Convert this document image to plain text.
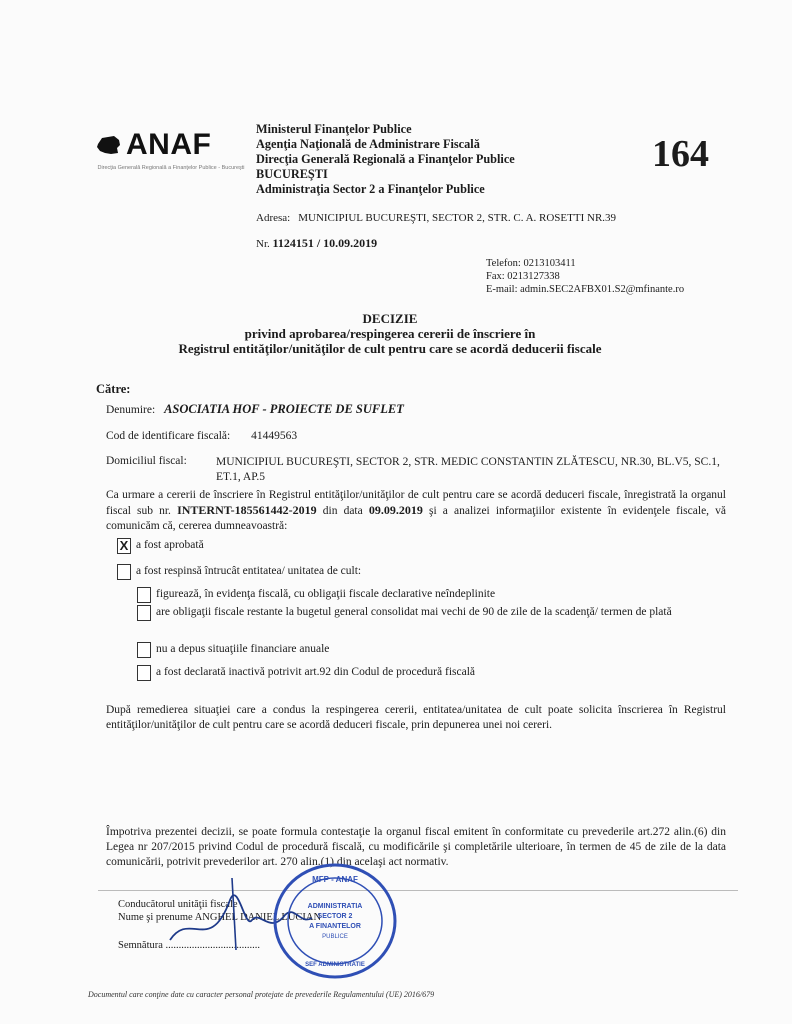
ANAF
Direcţia Generală Regională a Finanţelor Publice - Bucureşti
Ministerul Finanţelor Publice
Agenţia Naţională de Administrare Fiscală
Direcţia Generală Regională a Finanţelor Publice
BUCUREŞTI
Administraţia Sector 2 a Finanţelor Publice
164
Adresa: MUNICIPIUL BUCUREŞTI, SECTOR 2, STR. C. A. ROSETTI NR.39
Nr. 1124151 / 10.09.2019
Telefon: 0213103411
Fax: 0213127338
E-mail: admin.SEC2AFBX01.S2@mfinante.ro
DECIZIE
privind aprobarea/respingerea cererii de înscriere în
Registrul entităţilor/unităţilor de cult pentru care se acordă deducerii fiscale
Către:
Denumire: ASOCIATIA HOF - PROIECTE DE SUFLET
Cod de identificare fiscală: 41449563
Domiciliul fiscal:	MUNICIPIUL BUCUREŞTI, SECTOR 2, STR. MEDIC CONSTANTIN ZLĂTESCU, NR.30, BL.V5, SC.1, ET.1, AP.5
Ca urmare a cererii de înscriere în Registrul entităţilor/unităţilor de cult pentru care se acordă deduceri fiscale, înregistrată la organul fiscal sub nr. INTERNT-185561442-2019 din data 09.09.2019 şi a analizei informaţiilor existente în evidenţele fiscale, vă comunicăm că, cererea dumneavoastră:
X a fost aprobată
a fost respinsă întrucât entitatea/ unitatea de cult:
figurează, în evidenţa fiscală, cu obligaţii fiscale declarative neîndeplinite
are obligaţii fiscale restante la bugetul general consolidat mai vechi de 90 de zile de la scadenţă/ termen de plată
nu a depus situaţiile financiare anuale
a fost declarată inactivă potrivit art.92 din Codul de procedură fiscală
După remedierea situaţiei care a condus la respingerea cererii, entitatea/unitatea de cult poate solicita înscrierea în Registrul entităţilor/unităţilor de cult pentru care se acordă deduceri fiscale, prin depunerea unei noi cereri.
Împotriva prezentei decizii, se poate formula contestaţie la organul fiscal emitent în conformitate cu prevederile art.272 alin.(6) din Legea nr 207/2015 privind Codul de procedură fiscală, cu modificările şi completările ulterioare, în termen de 45 de zile de la data comunicării, potrivit prevederilor art. 270 alin.(1) din acelaşi act normativ.
Conducătorul unităţii fiscale
Nume şi prenume ANGHEL DANIEL LUCIAN
Semnătura ....................................
MFP - ANAF
ADMINISTRATIA
SECTOR 2
A FINANTELOR
PUBLICE
SEF ADMINISTRATIE
Documentul care conţine date cu caracter personal protejate de prevederile Regulamentului (UE) 2016/679
